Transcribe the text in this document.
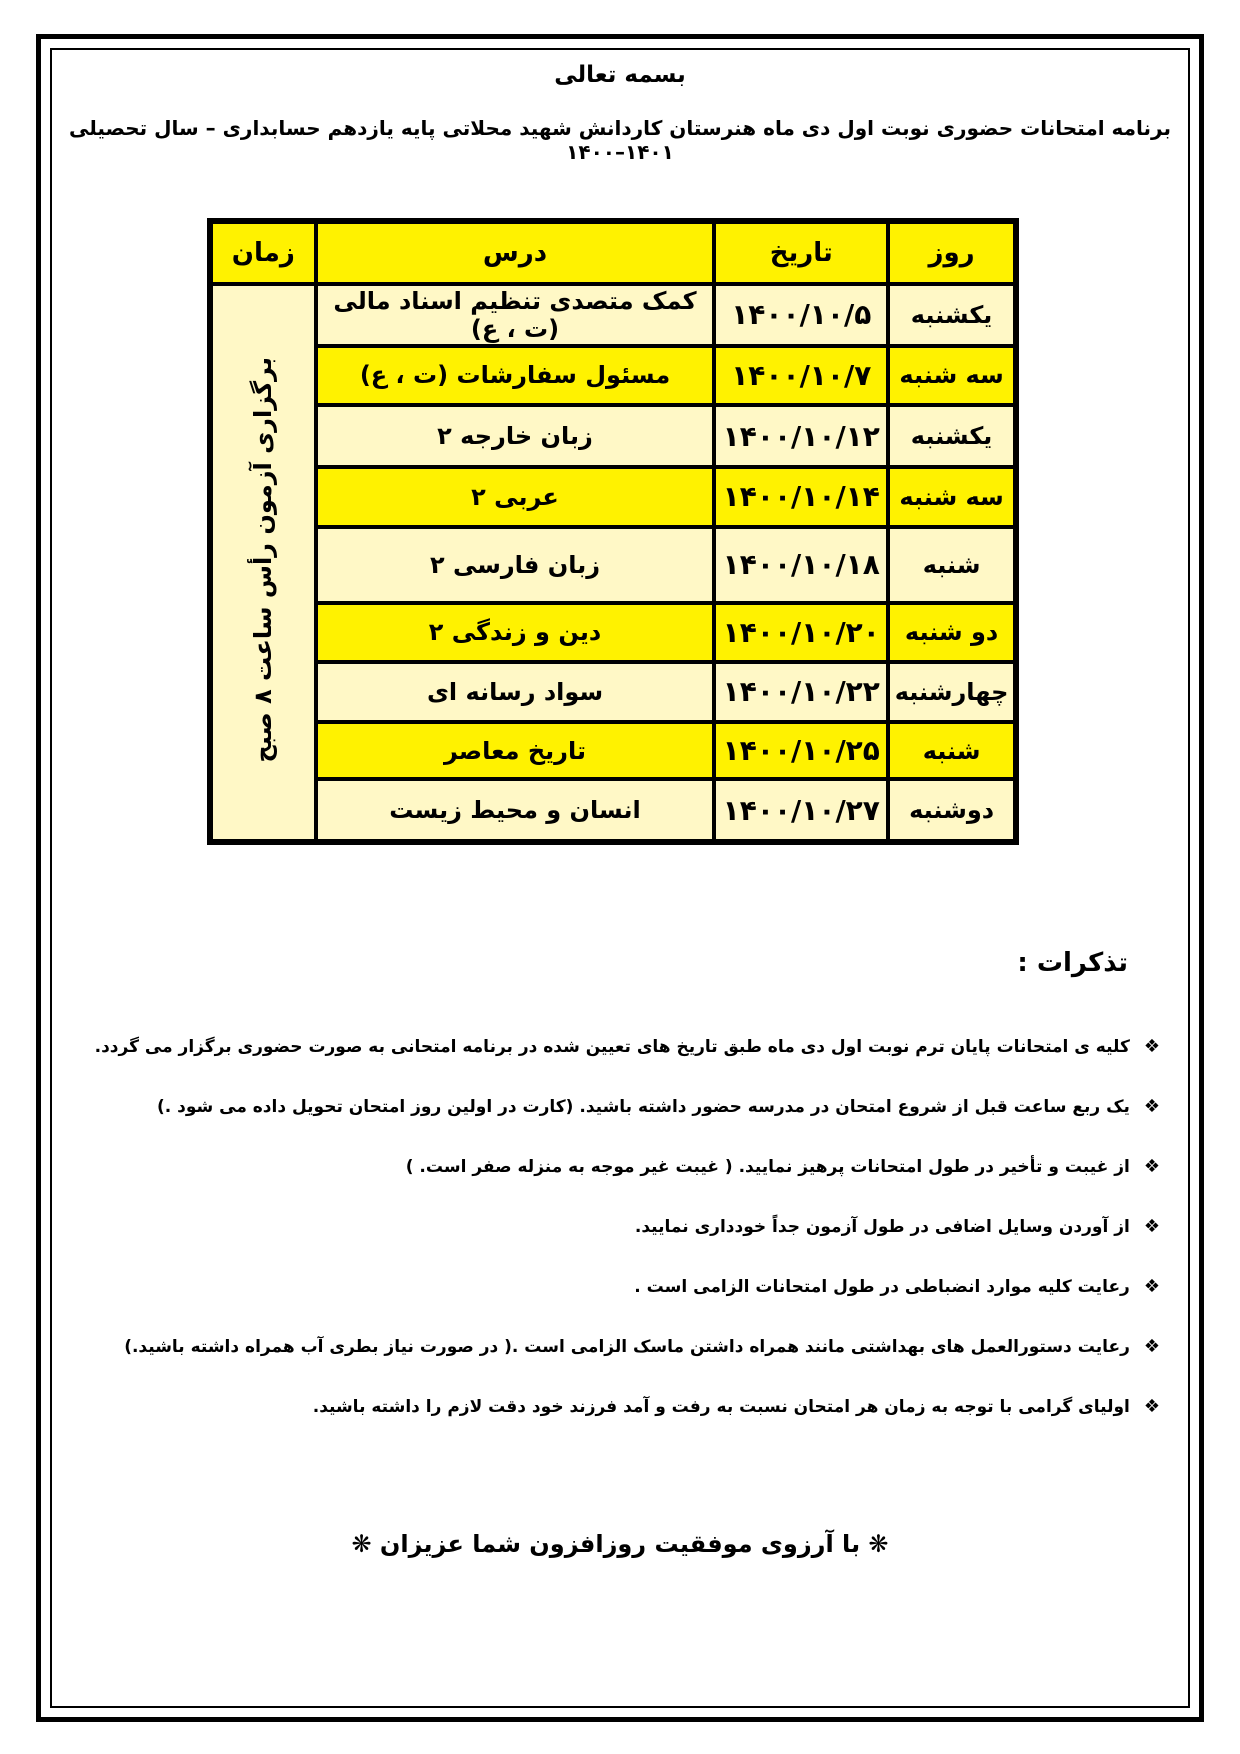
بسمه تعالی
برنامه امتحانات حضوری نوبت اول دی ماه هنرستان کاردانش شهید محلاتی پایه یازدهم حسابداری – سال تحصیلی ۱۴۰۱–۱۴۰۰
روز	تاریخ	درس	زمان
یکشنبه	۱۴۰۰/۱۰/۵	کمک متصدی تنظیم اسناد مالی (ت ، ع)	برگزاری آزمون رأس ساعت ۸ صبح
سه شنبه	۱۴۰۰/۱۰/۷	مسئول سفارشات (ت ، ع)	
یکشنبه	۱۴۰۰/۱۰/۱۲	زبان خارجه ۲	
سه شنبه	۱۴۰۰/۱۰/۱۴	عربی ۲	
شنبه	۱۴۰۰/۱۰/۱۸	زبان فارسی ۲	
دو شنبه	۱۴۰۰/۱۰/۲۰	دین و زندگی ۲	
چهارشنبه	۱۴۰۰/۱۰/۲۲	سواد رسانه ای	
شنبه	۱۴۰۰/۱۰/۲۵	تاریخ معاصر	
دوشنبه	۱۴۰۰/۱۰/۲۷	انسان و محیط زیست	
تذکرات :
❖کلیه ی امتحانات پایان ترم نوبت اول دی ماه طبق تاریخ های تعیین شده در برنامه امتحانی به صورت حضوری برگزار می گردد.
❖یک ربع ساعت قبل از شروع امتحان در مدرسه حضور داشته باشید. (کارت در اولین روز امتحان تحویل داده می شود .)
❖از غیبت و تأخیر در طول امتحانات پرهیز نمایید. ( غیبت غیر موجه به منزله صفر است. )
❖از آوردن وسایل اضافی در طول آزمون جداً خودداری نمایید.
❖رعایت کلیه موارد انضباطی در طول امتحانات الزامی است .
❖رعایت دستورالعمل های بهداشتی مانند همراه داشتن ماسک الزامی است .( در صورت نیاز بطری آب همراه داشته باشید.)
❖اولیای گرامی با توجه به زمان هر امتحان نسبت به رفت و آمد فرزند خود دقت لازم را داشته باشید.
❋ با آرزوی موفقیت روزافزون شما عزیزان ❋
